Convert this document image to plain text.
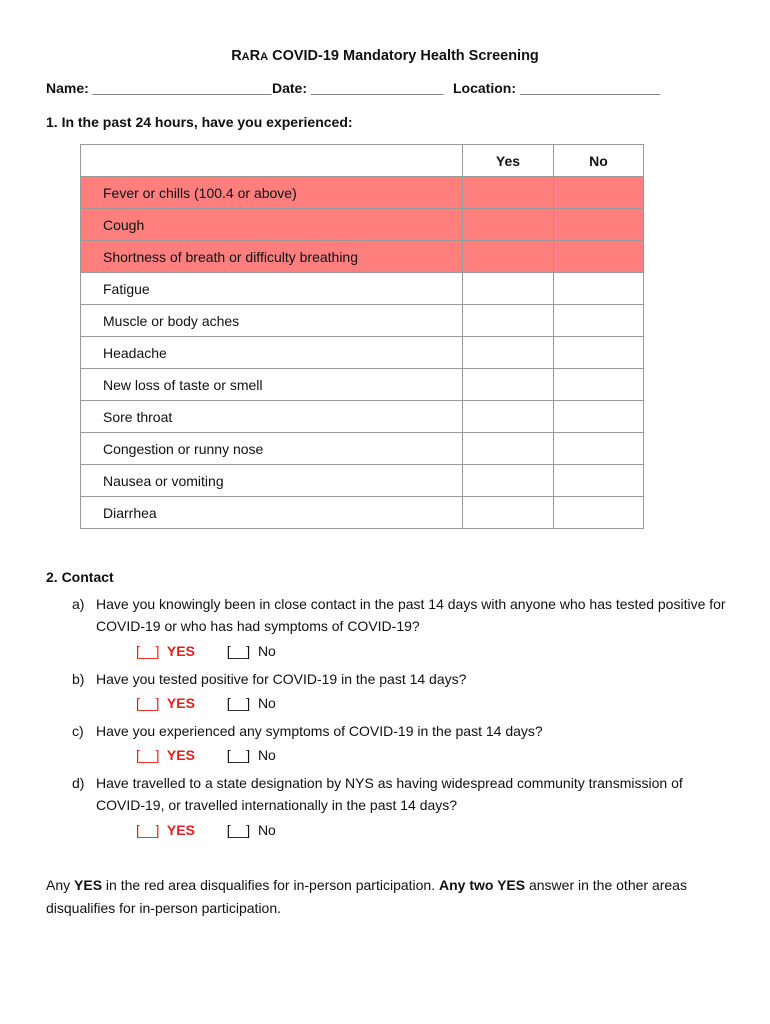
RARA COVID-19 Mandatory Health Screening
Name: _______________________ Date: _________________ Location: __________________
1. In the past 24 hours, have you experienced:
	Yes	No
Fever or chills (100.4 or above)		
Cough		
Shortness of breath or difficulty breathing		
Fatigue		
Muscle or body aches		
Headache		
New loss of taste or smell		
Sore throat		
Congestion or runny nose		
Nausea or vomiting		
Diarrhea		
2. Contact
a) Have you knowingly been in close contact in the past 14 days with anyone who has tested positive for COVID-19 or who has had symptoms of COVID-19?
[__] YES [__] No
b) Have you tested positive for COVID-19 in the past 14 days?
[__] YES [__] No
c) Have you experienced any symptoms of COVID-19 in the past 14 days?
[__] YES [__] No
d) Have travelled to a state designation by NYS as having widespread community transmission of COVID-19, or travelled internationally in the past 14 days?
[__] YES [__] No
Any YES in the red area disqualifies for in-person participation. Any two YES answer in the other areas disqualifies for in-person participation.
